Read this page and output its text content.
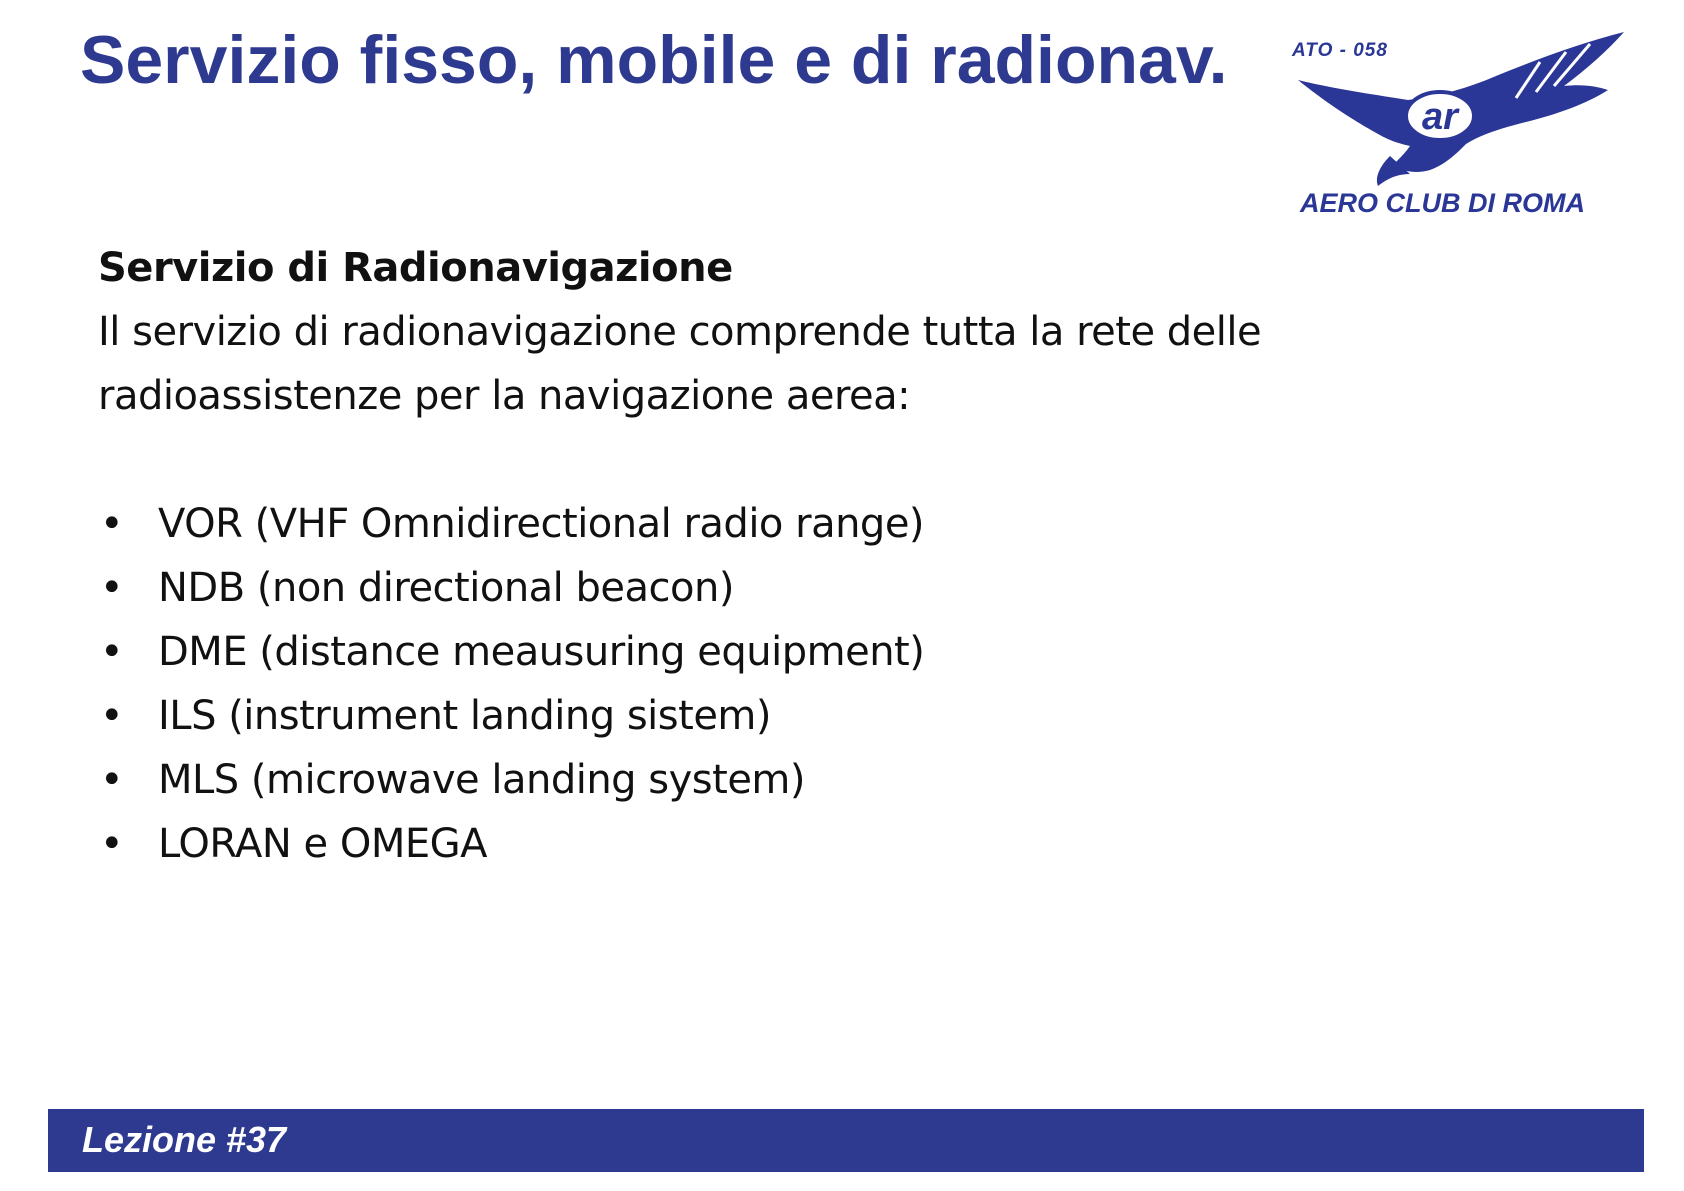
Servizio fisso, mobile e di radionav.	ATO - 058
ar
AERO CLUB DI ROMA

Servizio di Radionavigazione

Il servizio di radionavigazione comprende tutta la rete delle radioassistenze per la navigazione aerea:

• VOR (VHF Omnidirectional radio range)
• NDB (non directional beacon)
• DME (distance meausuring equipment)
• ILS (instrument landing sistem)
• MLS (microwave landing system)
• LORAN e OMEGA
Lezione #37
